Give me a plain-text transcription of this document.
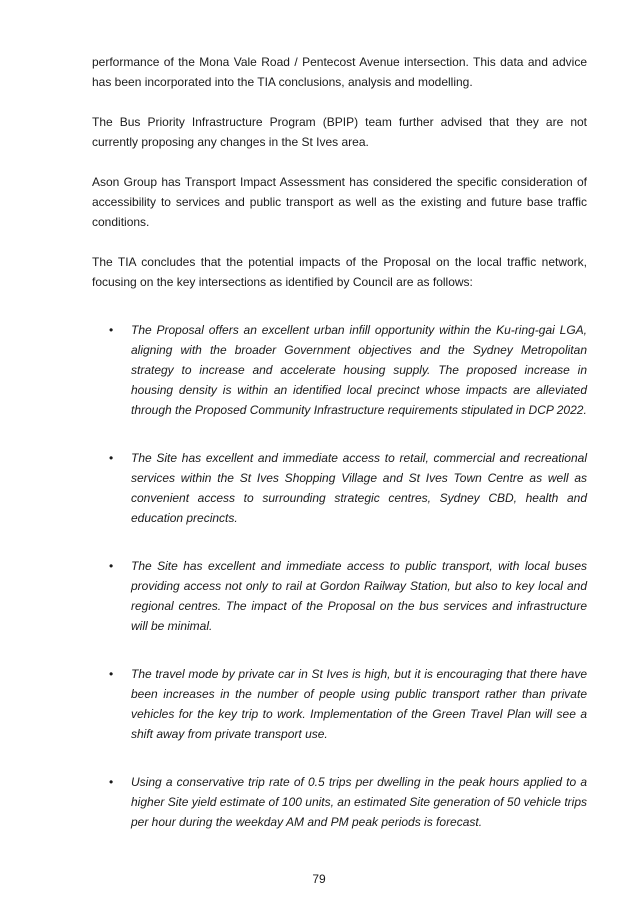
performance of the Mona Vale Road / Pentecost Avenue intersection. This data and advice has been incorporated into the TIA conclusions, analysis and modelling.

The Bus Priority Infrastructure Program (BPIP) team further advised that they are not currently proposing any changes in the St Ives area.

Ason Group has Transport Impact Assessment has considered the specific consideration of accessibility to services and public transport as well as the existing and future base traffic conditions.

The TIA concludes that the potential impacts of the Proposal on the local traffic network, focusing on the key intersections as identified by Council are as follows:

• The Proposal offers an excellent urban infill opportunity within the Ku-ring-gai LGA, aligning with the broader Government objectives and the Sydney Metropolitan strategy to increase and accelerate housing supply. The proposed increase in housing density is within an identified local precinct whose impacts are alleviated through the Proposed Community Infrastructure requirements stipulated in DCP 2022.
• The Site has excellent and immediate access to retail, commercial and recreational services within the St Ives Shopping Village and St Ives Town Centre as well as convenient access to surrounding strategic centres, Sydney CBD, health and education precincts.
• The Site has excellent and immediate access to public transport, with local buses providing access not only to rail at Gordon Railway Station, but also to key local and regional centres. The impact of the Proposal on the bus services and infrastructure will be minimal.
• The travel mode by private car in St Ives is high, but it is encouraging that there have been increases in the number of people using public transport rather than private vehicles for the key trip to work. Implementation of the Green Travel Plan will see a shift away from private transport use.
• Using a conservative trip rate of 0.5 trips per dwelling in the peak hours applied to a higher Site yield estimate of 100 units, an estimated Site generation of 50 vehicle trips per hour during the weekday AM and PM peak periods is forecast.
79
